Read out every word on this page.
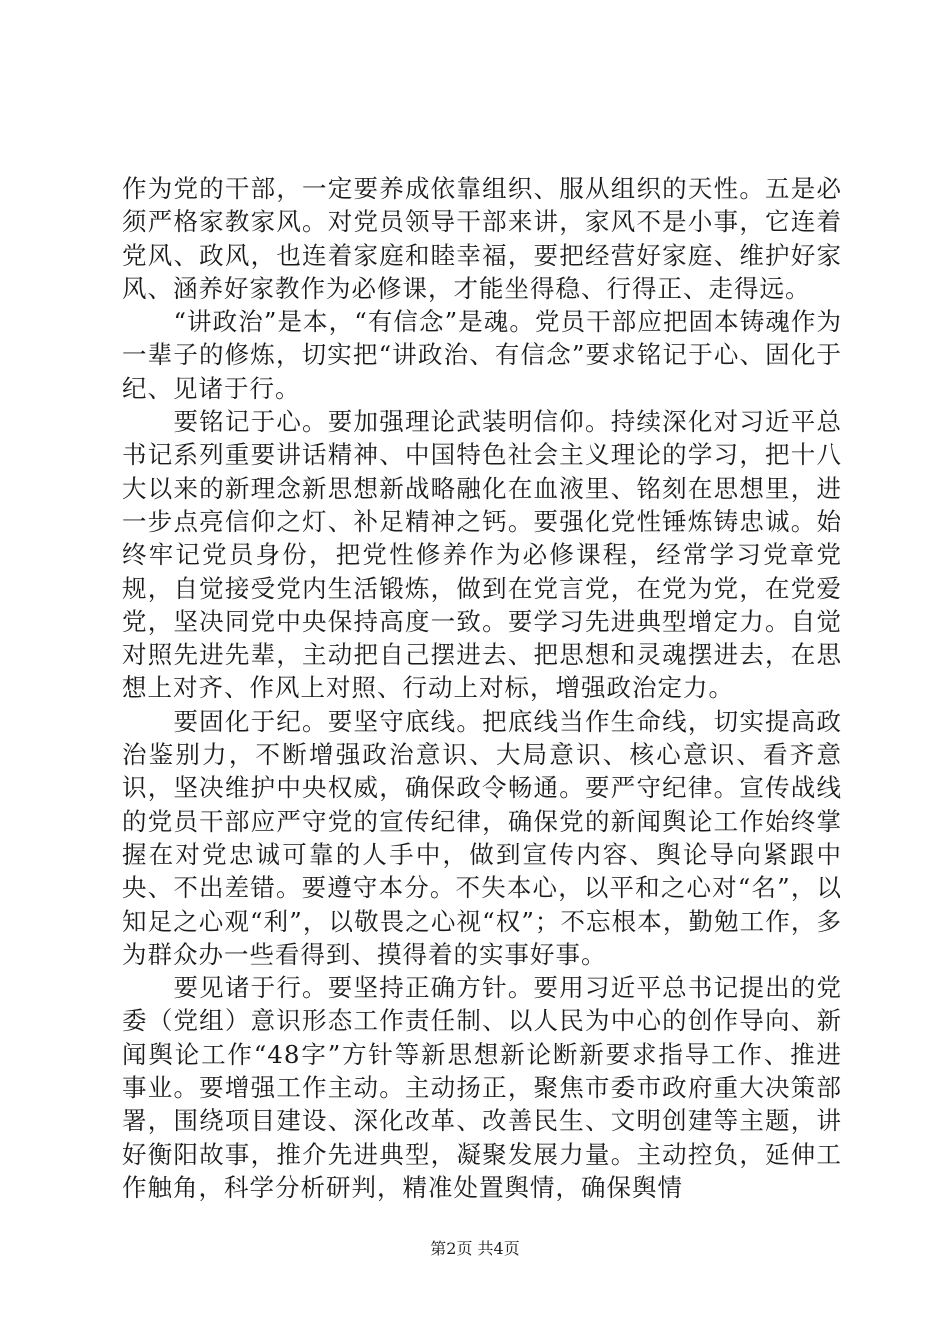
作为党的干部，一定要养成依靠组织、服从组织的天性。五是必须严格家教家风。对党员领导干部来讲，家风不是小事，它连着党风、政风，也连着家庭和睦幸福，要把经营好家庭、维护好家风、涵养好家教作为必修课，才能坐得稳、行得正、走得远。

“讲政治”是本，“有信念”是魂。党员干部应把固本铸魂作为一辈子的修炼，切实把“讲政治、有信念”要求铭记于心、固化于纪、见诸于行。

要铭记于心。要加强理论武装明信仰。持续深化对习近平总书记系列重要讲话精神、中国特色社会主义理论的学习，把十八大以来的新理念新思想新战略融化在血液里、铭刻在思想里，进一步点亮信仰之灯、补足精神之钙。要强化党性锤炼铸忠诚。始终牢记党员身份，把党性修养作为必修课程，经常学习党章党规，自觉接受党内生活锻炼，做到在党言党，在党为党，在党爱党，坚决同党中央保持高度一致。要学习先进典型增定力。自觉对照先进先辈，主动把自己摆进去、把思想和灵魂摆进去，在思想上对齐、作风上对照、行动上对标，增强政治定力。

要固化于纪。要坚守底线。把底线当作生命线，切实提高政治鉴别力，不断增强政治意识、大局意识、核心意识、看齐意识，坚决维护中央权威，确保政令畅通。要严守纪律。宣传战线的党员干部应严守党的宣传纪律，确保党的新闻舆论工作始终掌握在对党忠诚可靠的人手中，做到宣传内容、舆论导向紧跟中央、不出差错。要遵守本分。不失本心，以平和之心对“名”，以知足之心观“利”，以敬畏之心视“权”；不忘根本，勤勉工作，多为群众办一些看得到、摸得着的实事好事。

要见诸于行。要坚持正确方针。要用习近平总书记提出的党委（党组）意识形态工作责任制、以人民为中心的创作导向、新闻舆论工作“48字”方针等新思想新论断新要求指导工作、推进事业。要增强工作主动。主动扬正，聚焦市委市政府重大决策部署，围绕项目建设、深化改革、改善民生、文明创建等主题，讲好衡阳故事，推介先进典型，凝聚发展力量。主动控负，延伸工作触角，科学分析研判，精准处置舆情，确保舆情

第2页 共4页
